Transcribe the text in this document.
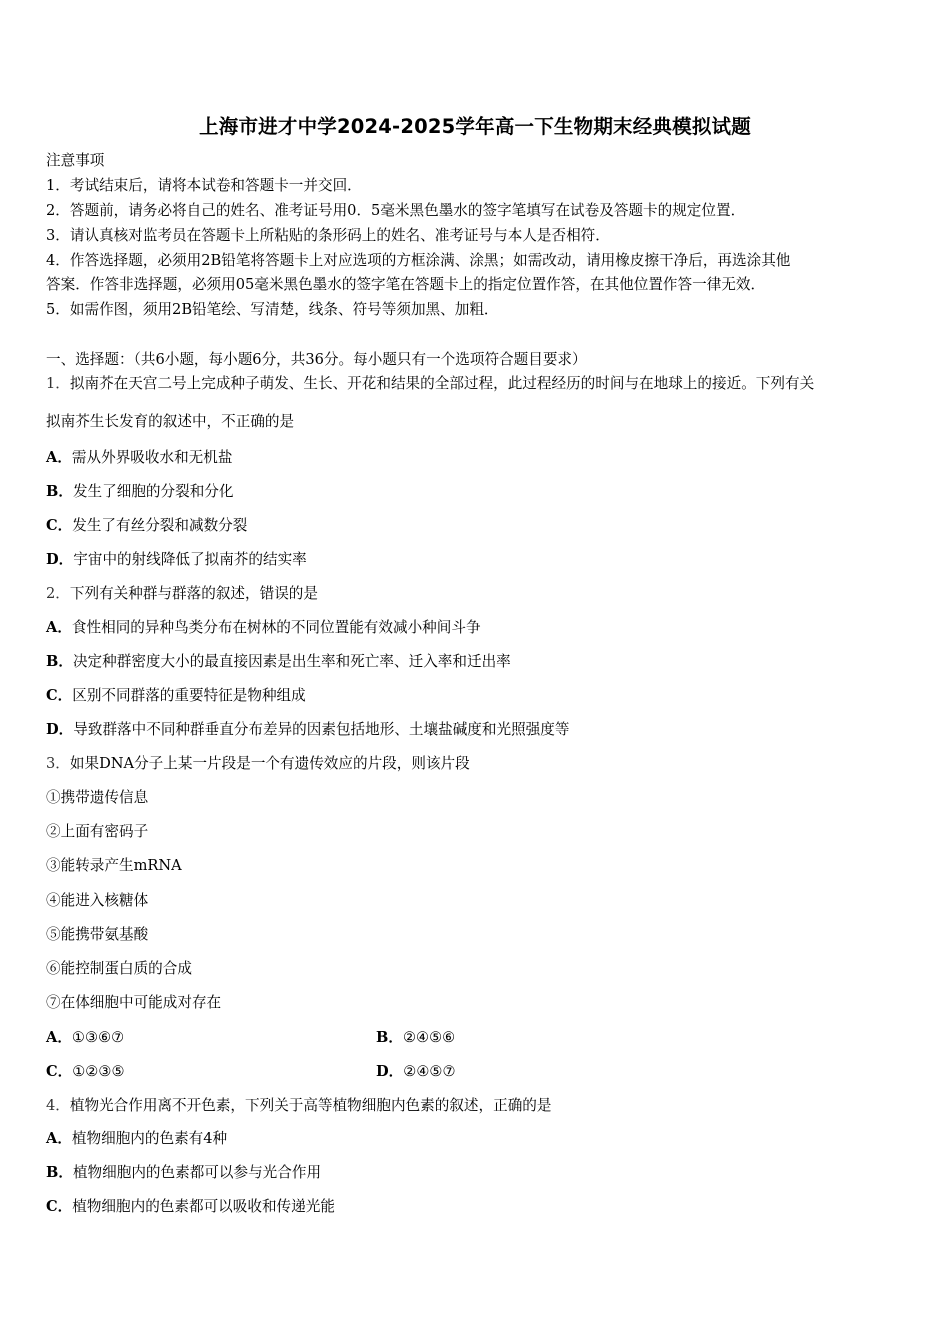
上海市进才中学2024-2025学年高一下生物期末经典模拟试题
注意事项
1．考试结束后，请将本试卷和答题卡一并交回．
2．答题前，请务必将自己的姓名、准考证号用0．5毫米黑色墨水的签字笔填写在试卷及答题卡的规定位置．
3．请认真核对监考员在答题卡上所粘贴的条形码上的姓名、准考证号与本人是否相符．
4．作答选择题，必须用2B铅笔将答题卡上对应选项的方框涂满、涂黑；如需改动，请用橡皮擦干净后，再选涂其他
答案．作答非选择题，必须用05毫米黑色墨水的签字笔在答题卡上的指定位置作答，在其他位置作答一律无效．
5．如需作图，须用2B铅笔绘、写清楚，线条、符号等须加黑、加粗．
一、选择题：（共6小题，每小题6分，共36分。每小题只有一个选项符合题目要求）
1．拟南芥在天宫二号上完成种子萌发、生长、开花和结果的全部过程，此过程经历的时间与在地球上的接近。下列有关
拟南芥生长发育的叙述中，不正确的是
A．需从外界吸收水和无机盐
B．发生了细胞的分裂和分化
C．发生了有丝分裂和减数分裂
D．宇宙中的射线降低了拟南芥的结实率
2．下列有关种群与群落的叙述，错误的是
A．食性相同的异种鸟类分布在树林的不同位置能有效减小种间斗争
B．决定种群密度大小的最直接因素是出生率和死亡率、迁入率和迁出率
C．区别不同群落的重要特征是物种组成
D．导致群落中不同种群垂直分布差异的因素包括地形、土壤盐碱度和光照强度等
3．如果DNA分子上某一片段是一个有遗传效应的片段，则该片段
①携带遗传信息
②上面有密码子
③能转录产生mRNA
④能进入核糖体
⑤能携带氨基酸
⑥能控制蛋白质的合成
⑦在体细胞中可能成对存在
A．①③⑥⑦	B．②④⑤⑥
C．①②③⑤	D．②④⑤⑦
4．植物光合作用离不开色素，下列关于高等植物细胞内色素的叙述，正确的是
A．植物细胞内的色素有4种
B．植物细胞内的色素都可以参与光合作用
C．植物细胞内的色素都可以吸收和传递光能
